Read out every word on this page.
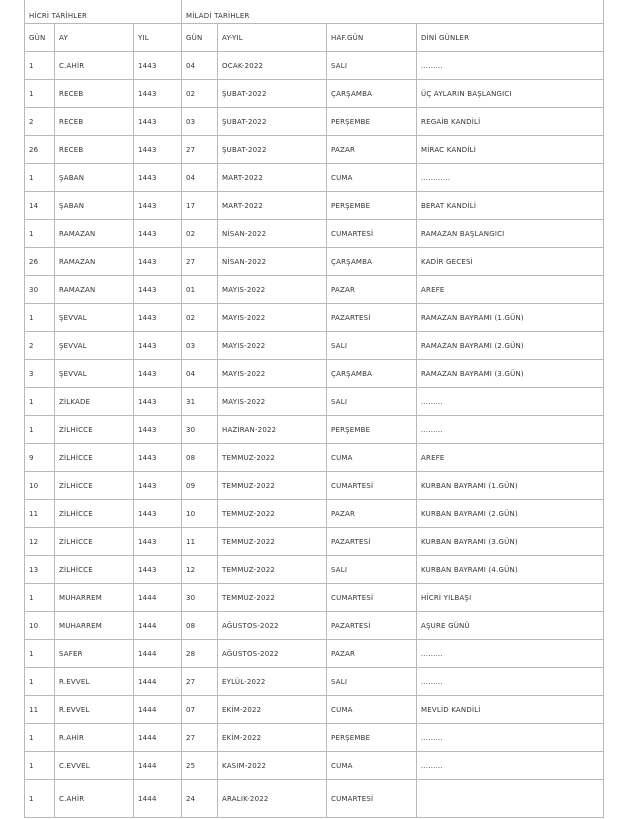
HİCRİ TARİHLER			MİLADİ TARİHLER			
GÜN	AY	YIL	GÜN	AY-YIL	HAF.GÜN	DİNİ GÜNLER
1	C.AHİR	1443	04	OCAK-2022	SALI	.........
1	RECEB	1443	02	ŞUBAT-2022	ÇARŞAMBA	ÜÇ AYLARIN BAŞLANGICI
2	RECEB	1443	03	ŞUBAT-2022	PERŞEMBE	REGAİB KANDİLİ
26	RECEB	1443	27	ŞUBAT-2022	PAZAR	MİRAC KANDİLİ
1	ŞABAN	1443	04	MART-2022	CUMA	............
14	ŞABAN	1443	17	MART-2022	PERŞEMBE	BERAT KANDİLİ
1	RAMAZAN	1443	02	NİSAN-2022	CUMARTESİ	RAMAZAN BAŞLANGICI
26	RAMAZAN	1443	27	NİSAN-2022	ÇARŞAMBA	KADİR GECESİ
30	RAMAZAN	1443	01	MAYIS-2022	PAZAR	AREFE
1	ŞEVVAL	1443	02	MAYIS-2022	PAZARTESİ	RAMAZAN BAYRAMI (1.GÜN)
2	ŞEVVAL	1443	03	MAYIS-2022	SALI	RAMAZAN BAYRAMI (2.GÜN)
3	ŞEVVAL	1443	04	MAYIS-2022	ÇARŞAMBA	RAMAZAN BAYRAMI (3.GÜN)
1	ZİLKADE	1443	31	MAYIS-2022	SALI	.........
1	ZİLHİCCE	1443	30	HAZİRAN-2022	PERŞEMBE	.........
9	ZİLHİCCE	1443	08	TEMMUZ-2022	CUMA	AREFE
10	ZİLHİCCE	1443	09	TEMMUZ-2022	CUMARTESİ	KURBAN BAYRAMI (1.GÜN)
11	ZİLHİCCE	1443	10	TEMMUZ-2022	PAZAR	KURBAN BAYRAMI (2.GÜN)
12	ZİLHİCCE	1443	11	TEMMUZ-2022	PAZARTESİ	KURBAN BAYRAMI (3.GÜN)
13	ZİLHİCCE	1443	12	TEMMUZ-2022	SALI	KURBAN BAYRAMI (4.GÜN)
1	MUHARREM	1444	30	TEMMUZ-2022	CUMARTESİ	HİCRİ YILBAŞI
10	MUHARREM	1444	08	AĞUSTOS-2022	PAZARTESİ	AŞURE GÜNÜ
1	SAFER	1444	28	AĞUSTOS-2022	PAZAR	.........
1	R.EVVEL	1444	27	EYLÜL-2022	SALI	.........
11	R.EVVEL	1444	07	EKİM-2022	CUMA	MEVLİD KANDİLİ
1	R.AHİR	1444	27	EKİM-2022	PERŞEMBE	.........
1	C.EVVEL	1444	25	KASIM-2022	CUMA	.........
1	C.AHİR	1444	24	ARALIK-2022	CUMARTESİ	
